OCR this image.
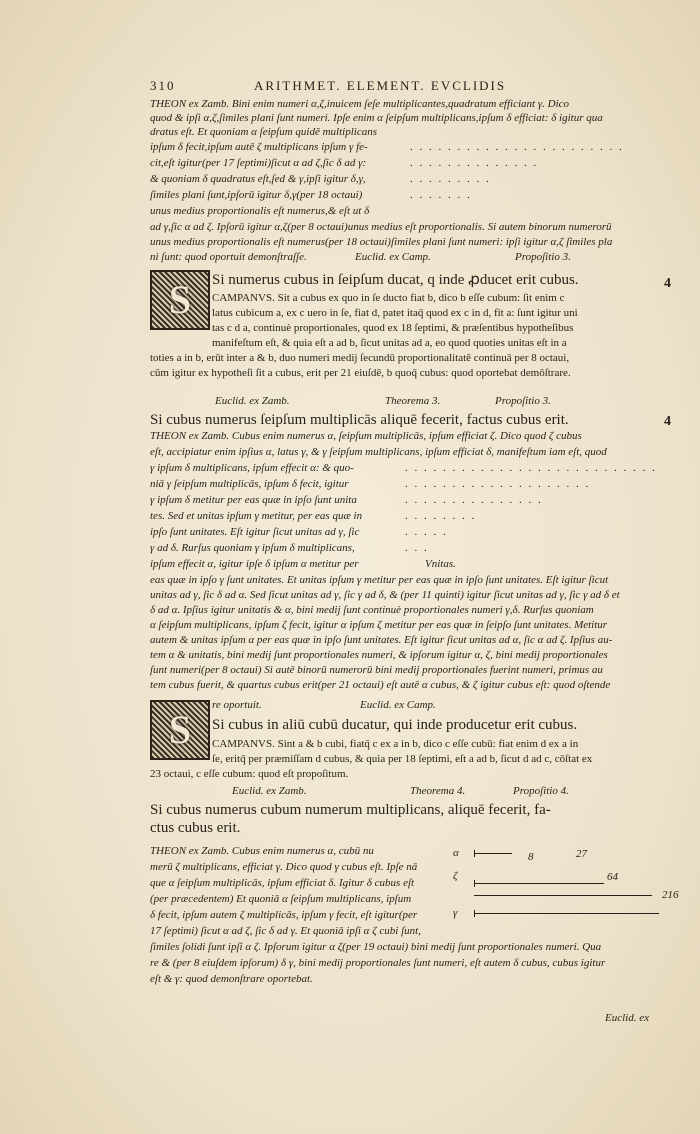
310	ARITHMET. ELEMENT. EVCLIDIS
THEON ex Zamb. Bini enim numeri α,ζ,inuicem ſeſe multiplicantes,quadratum efficiant γ. Dico
quod & ipſi α,ζ,ſimiles plani ſunt numeri. Ipſe enim α ſeipſum multiplicans,ipſum δ efficiat: δ igitur qua
dratus eſt. Et quoniam α ſeipſum quidē multiplicans
ipſum δ fecit,ipſum autē ζ multiplicans ipſum γ fe-
cit,eſt igitur(per 17 ſeptimi)ſicut α ad ζ,ſic δ ad γ:
& quoniam δ quadratus eſt,ſed & γ,ipſi igitur δ,γ,
ſimiles plani ſunt,ipſorū igitur δ,γ(per 18 octaui)
unus medius proportionalis eſt numerus,& eſt ut δ
ad γ,ſic α ad ζ. Ipſorū igitur α,ζ(per 8 octaui)unus medius eſt proportionalis. Si autem binorum numerorū
unus medius proportionalis eſt numerus(per 18 octaui)ſimiles plani ſunt numeri: ipſi igitur α,ζ ſimiles pla
ni ſunt: quod oportuit demonſtraſſe.
. . . . . . . . . . . . . . . . . . . . . . .
. . . . . . . . . . . . . .
. . . . . . . . .
. . . . . . .
Euclid. ex Camp.	Propoſitio 3.
S	Si numerus cubus in ſeipſum ducat, q inde ꝓducet erit cubus.	4
CAMPANVS. Sit a cubus ex quo in ſe ducto fiat b, dico b eſſe cubum: ſit enim c
latus cubicum a, ex c uero in ſe, fiat d, patet itaq̄ quod ex c in d, fit a: ſunt igitur uni
tas c d a, continuè proportionales, quod ex 18 ſeptimi, & præſentibus hypotheſibus
manifeſtum eſt, & quia eſt a ad b, ſicut unitas ad a, eo quod quoties unitas eſt in a
toties a in b, erūt inter a & b, duo numeri medij ſecundū proportionalitatē continuā per 8 octaui,
cūm igitur ex hypotheſi ſit a cubus, erit per 21 eiuſdē, b quoq̄ cubus: quod oportebat demōſtrare.
Euclid. ex Zamb.	Theorema 3.	Propoſitio 3.
Si cubus numerus ſeipſum multiplicās aliquē fecerit, factus cubus erit.	4
THEON ex Zamb. Cubus enim numerus α, ſeipſum multiplicās, ipſum efficiat ζ. Dico quod ζ cubus
eſt, accipiatur enim ipſius α, latus γ, & γ ſeipſum multiplicans, ipſum efficiat δ, manifeſtum iam eſt, quod
γ ipſum δ multiplicans, ipſum effecit α: & quo-
niā γ ſeipſum multiplicās, ipſum δ fecit, igitur
γ ipſum δ metitur per eas quæ in ipſo ſunt unita
tes. Sed et unitas ipſum γ metitur, per eas quæ in
ipſo ſunt unitates. Eſt igitur ſicut unitas ad γ, ſic
γ ad δ. Rurſus quoniam γ ipſum δ multiplicans,
ipſum effecit α, igitur ipſe δ ipſum α metitur per
. . . . . . . . . . . . . . . . . . . . . . . . . . .
. . . . . . . . . . . . . . . . . . . .
. . . . . . . . . . . . . . .
. . . . . . . .
. . . . .
. . .
Vnitas.
eas quæ in ipſo γ ſunt unitates. Et unitas ipſum γ metitur per eas quæ in ipſo ſunt unitates. Eſt igitur ſicut
unitas ad γ, ſic δ ad α. Sed ſicut unitas ad γ, ſic γ ad δ, & (per 11 quinti) igitur ſicut unitas ad γ, ſic γ ad δ et
δ ad α. Ipſius igitur unitatis & α, bini medij ſunt continuè proportionales numeri γ,δ. Rurſus quoniam
α ſeipſum multiplicans, ipſum ζ fecit, igitur α ipſum ζ metitur per eas quæ in ſeipſo ſunt unitates. Metitur
autem & unitas ipſum α per eas quæ in ipſo ſunt unitates. Eſt igitur ſicut unitas ad α, ſic α ad ζ. Ipſius au-
tem α & unitatis, bini medij ſunt proportionales numeri, & ipſorum igitur α, ζ, bini medij proportionales
ſunt numeri(per 8 octaui) Si autē binorū numerorū bini medij proportionales fuerint numeri, primus au
tem cubus fuerit, & quartus cubus erit(per 21 octaui) eſt autē α cubus, & ζ igitur cubus eſt: quod oſtende
S
re oportuit.	Euclid. ex Camp.
Si cubus in aliū cubū ducatur, qui inde producetur erit cubus.
CAMPANVS. Sint a & b cubi, fiatq̄ c ex a in b, dico c eſſe cubū: fiat enim d ex a in
ſe, eritq̄ per præmiſſam d cubus, & quia per 18 ſeptimi, eſt a ad b, ſicut d ad c, cōſtat ex
23 octaui, c eſſe cubum: quod eſt propoſitum.
Euclid. ex Zamb.	Theorema 4.	Propoſitio 4.
Si cubus numerus cubum numerum multiplicans, aliquē fecerit, fa-
ctus cubus erit.
THEON ex Zamb. Cubus enim numerus α, cubū nu
merū ζ multiplicans, efficiat γ. Dico quod γ cubus eſt. Ipſe nā
que α ſeipſum multiplicās, ipſum efficiat δ. Igitur δ cubus eſt
(per præcedentem) Et quoniā α ſeipſum multiplicans, ipſum
δ fecit, ipſum autem ζ multiplicās, ipſum γ fecit, eſt igitur(per
17 ſeptimi) ſicut α ad ζ, ſic δ ad γ. Et quoniā ipſi α ζ cubi ſunt,
ſimiles ſolidi ſunt ipſi α ζ. Ipſorum igitur α ζ(per 19 octaui) bini medij ſunt proportionales numeri. Qua
re & (per 8 eiuſdem ipſorum) δ γ, bini medij proportionales ſunt numeri, eſt autem δ cubus, cubus igitur
eſt & γ: quod demonſtrare oportebat.
α	8	27
ζ	64
216
γ
Euclid. ex
